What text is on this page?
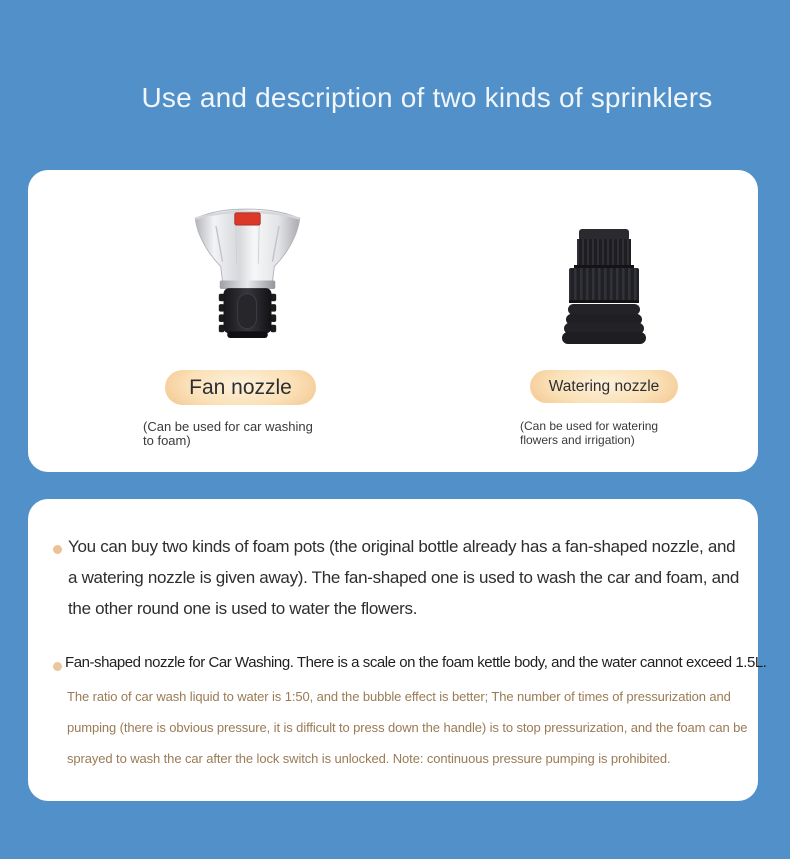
Use and description of two kinds of sprinklers
Fan nozzle

(Can be used for car washing to foam)

Watering nozzle

(Can be used for watering flowers and irrigation)

You can buy two kinds of foam pots (the original bottle already has a fan-shaped nozzle, and a watering nozzle is given away). The fan-shaped one is used to wash the car and foam, and the other round one is used to water the flowers.

Fan-shaped nozzle for Car Washing. There is a scale on the foam kettle body, and the water cannot exceed 1.5L.

The ratio of car wash liquid to water is 1:50, and the bubble effect is better; The number of times of pressurization and pumping (there is obvious pressure, it is difficult to press down the handle) is to stop pressurization, and the foam can be sprayed to wash the car after the lock switch is unlocked. Note: continuous pressure pumping is prohibited.
